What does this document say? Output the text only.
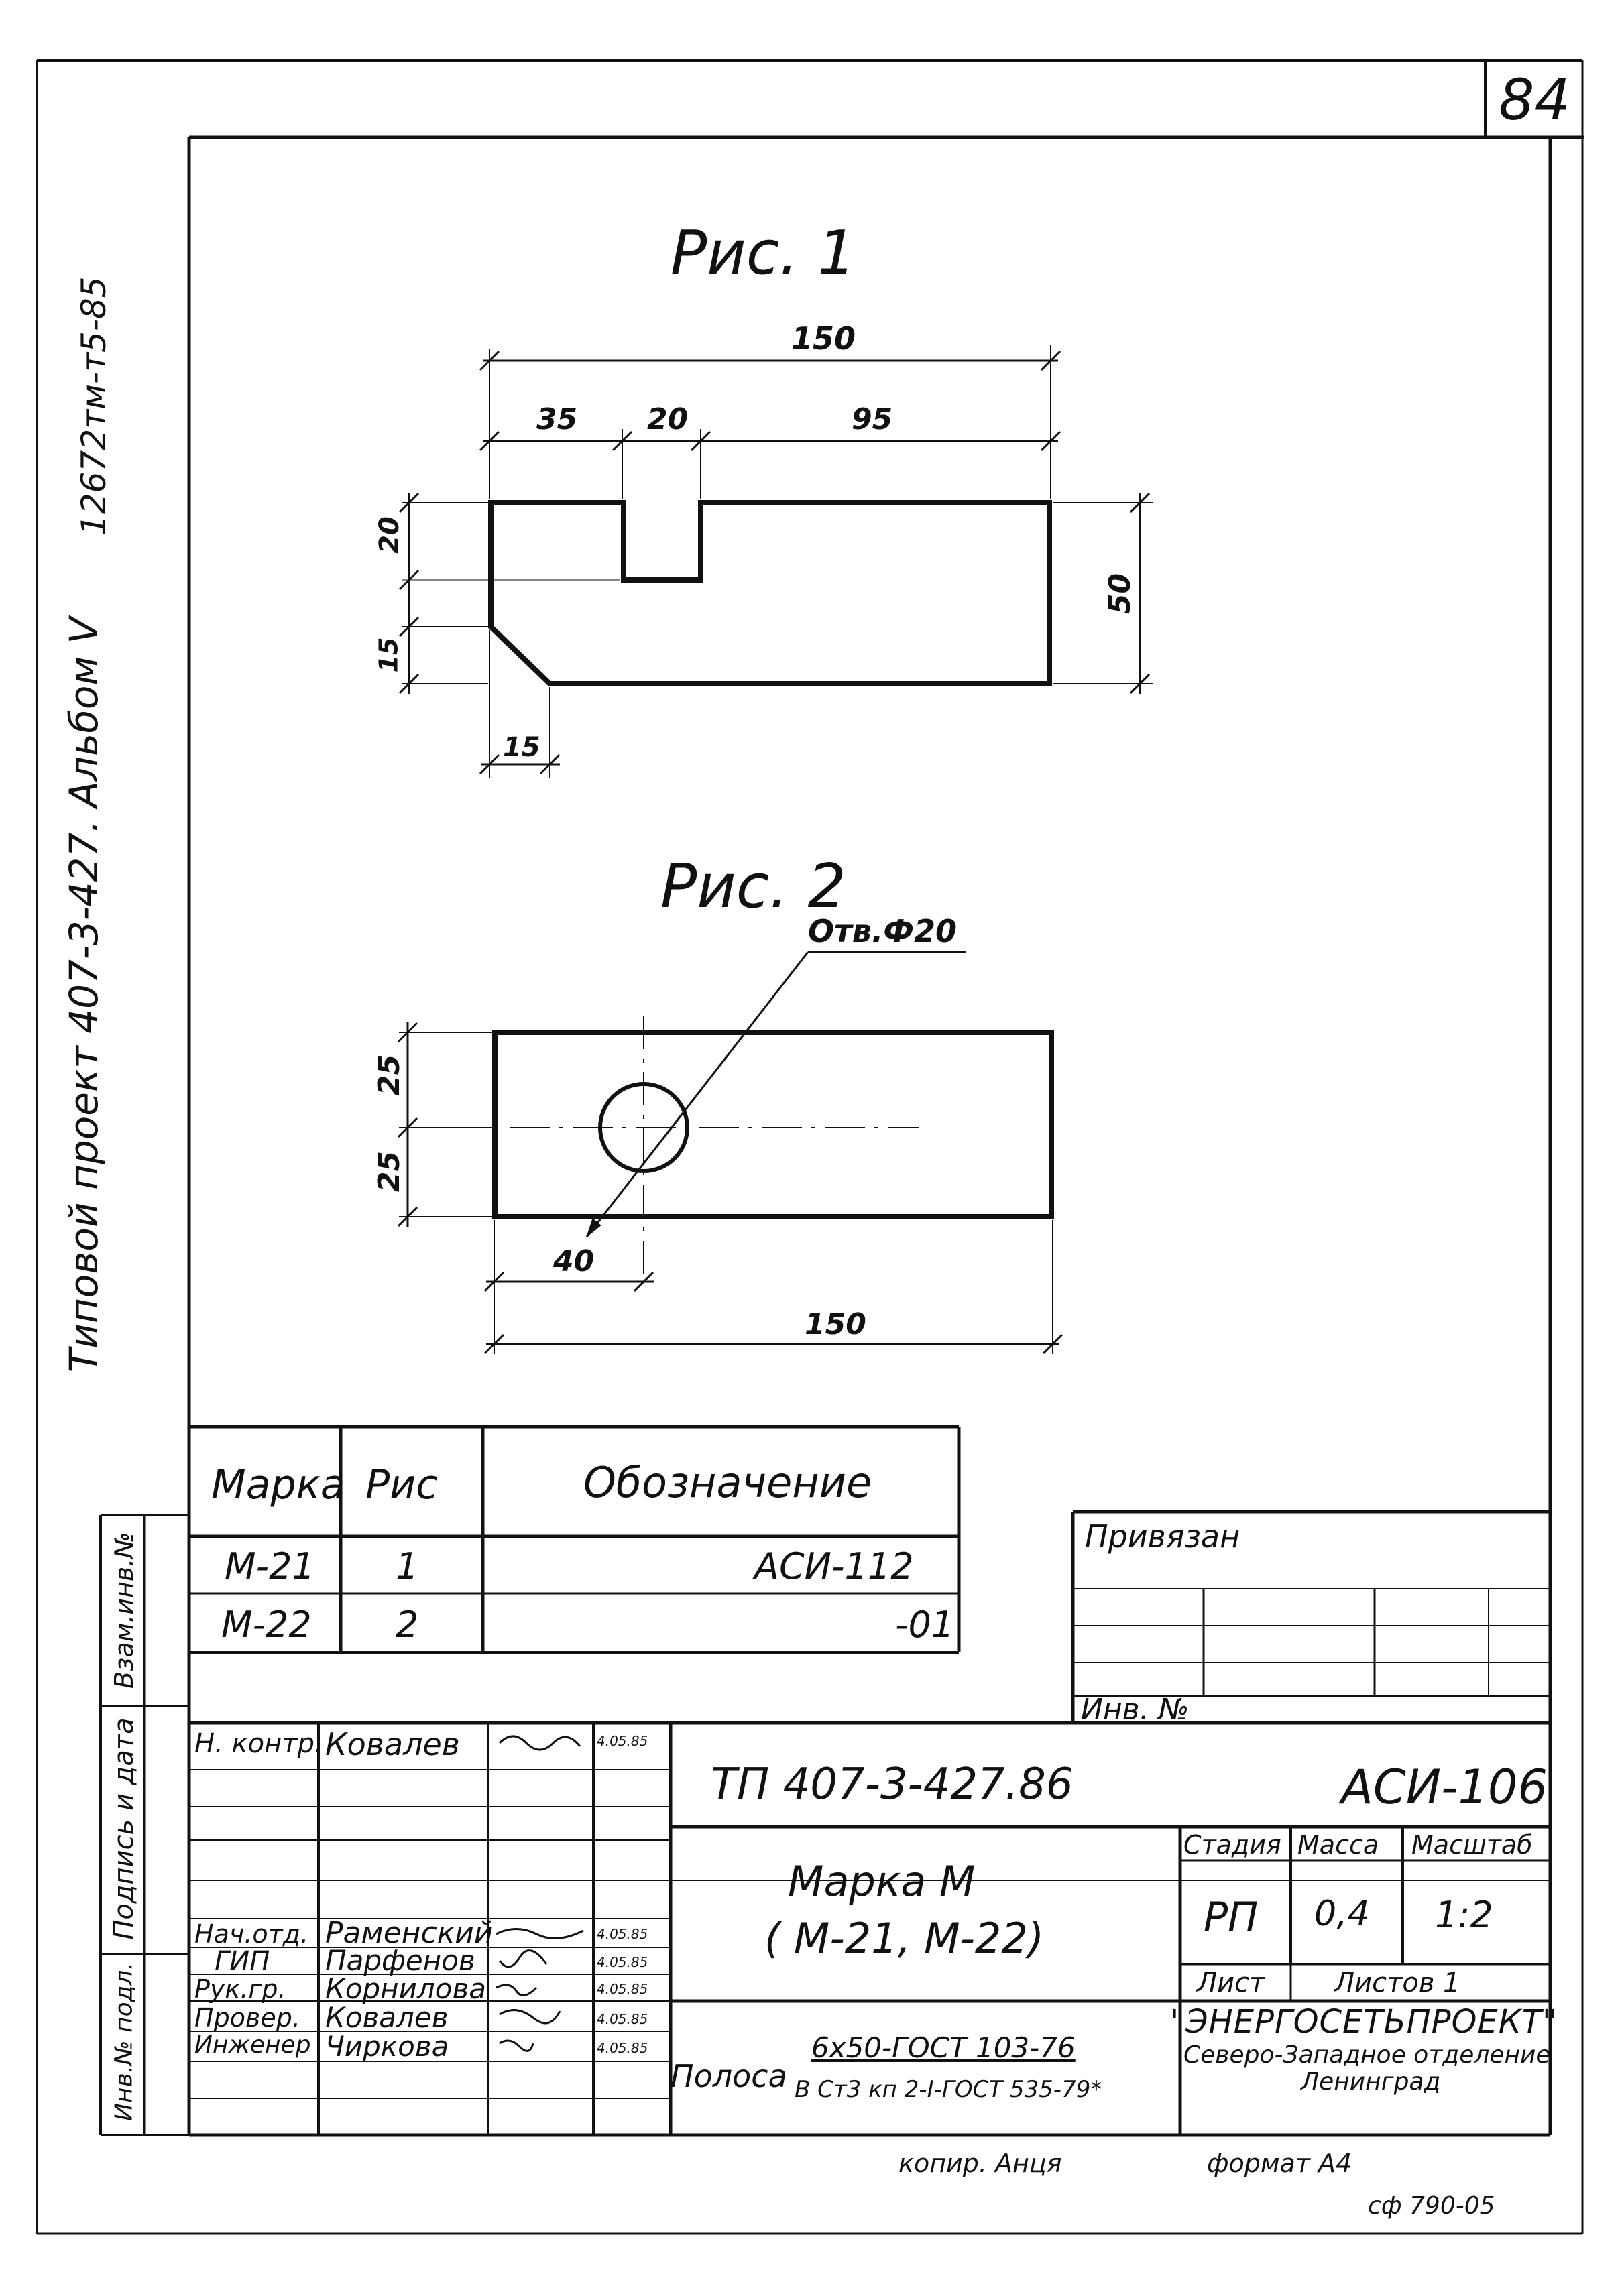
84
12672тм-т5-85
Типовой проект 407-3-427. Альбом V
Рис. 1
150
35 20	95
50
20
15
15
Рис. 2
Отв.Ф20
25
25
40
150
Марка Рис	Обозначение
М-21 1	АСИ-112
М-22 2	-01
Привязан
Инв. №
Взам.инв.№
Подпись и дата
Инв.№ подл.
Н. контр. Ковалев	4.05.85
Нач.отд. Раменский	4.05.85
ГИП Парфенов	4.05.85
Рук.гр. Корнилова	4.05.85
Провер. Ковалев	4.05.85
Инженер Чиркова	4.05.85
ТП 407-3-427.86	АСИ-106
Марка М
( М-21, М-22)
Полоса
6х50-ГОСТ 103-76
В Ст3 кп 2-I-ГОСТ 535-79*
Стадия Масса Масштаб
РП 0,4 1:2
Лист	Листов 1
"ЭНЕРГОСЕТЬПРОЕКТ"
Северо-Западное отделение
Ленинград
копир. Анця	формат А4
сф 790-05
